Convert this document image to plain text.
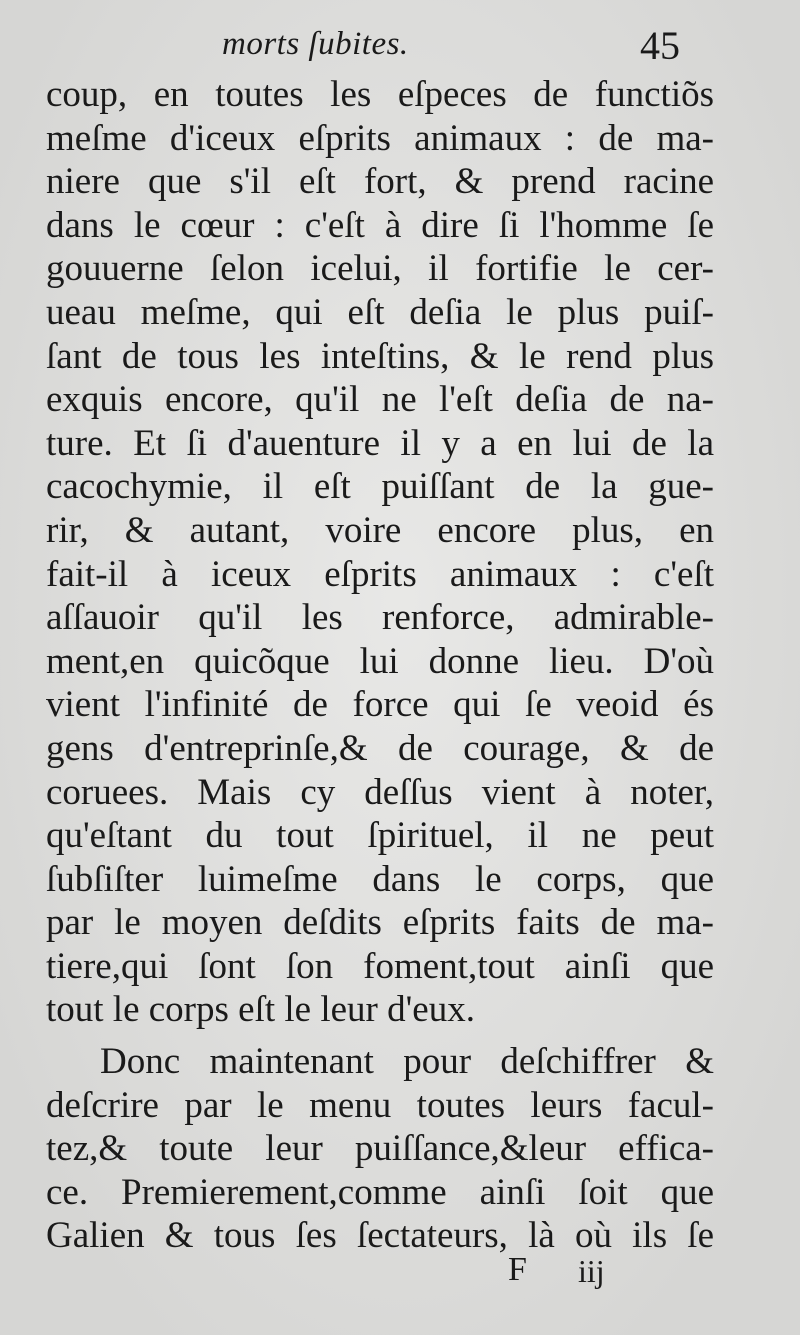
morts ſubites.	45
coup, en toutes les eſpeces de functiõs
meſme d'iceux eſprits animaux : de ma-
niere que s'il eſt fort, & prend racine
dans le cœur : c'eſt à dire ſi l'homme ſe
gouuerne ſelon icelui, il fortifie le cer-
ueau meſme, qui eſt deſia le plus puiſ-
ſant de tous les inteſtins, & le rend plus
exquis encore, qu'il ne l'eſt deſia de na-
ture. Et ſi d'auenture il y a en lui de la
cacochymie, il eſt puiſſant de la gue-
rir, & autant, voire encore plus, en
fait-il à iceux eſprits animaux : c'eſt
aſſauoir qu'il les renforce, admirable-
ment,en quicõque lui donne lieu. D'où
vient l'infinité de force qui ſe veoid és
gens d'entreprinſe,& de courage, & de
coruees. Mais cy deſſus vient à noter,
qu'eſtant du tout ſpirituel, il ne peut
ſubſiſter luimeſme dans le corps, que
par le moyen deſdits eſprits faits de ma-
tiere,qui ſont ſon foment,tout ainſi que
tout le corps eſt le leur d'eux.
Donc maintenant pour deſchiffrer &
deſcrire par le menu toutes leurs facul-
tez,& toute leur puiſſance,&leur effica-
ce. Premierement,comme ainſi ſoit que
Galien & tous ſes ſectateurs, là où ils ſe
F iij
